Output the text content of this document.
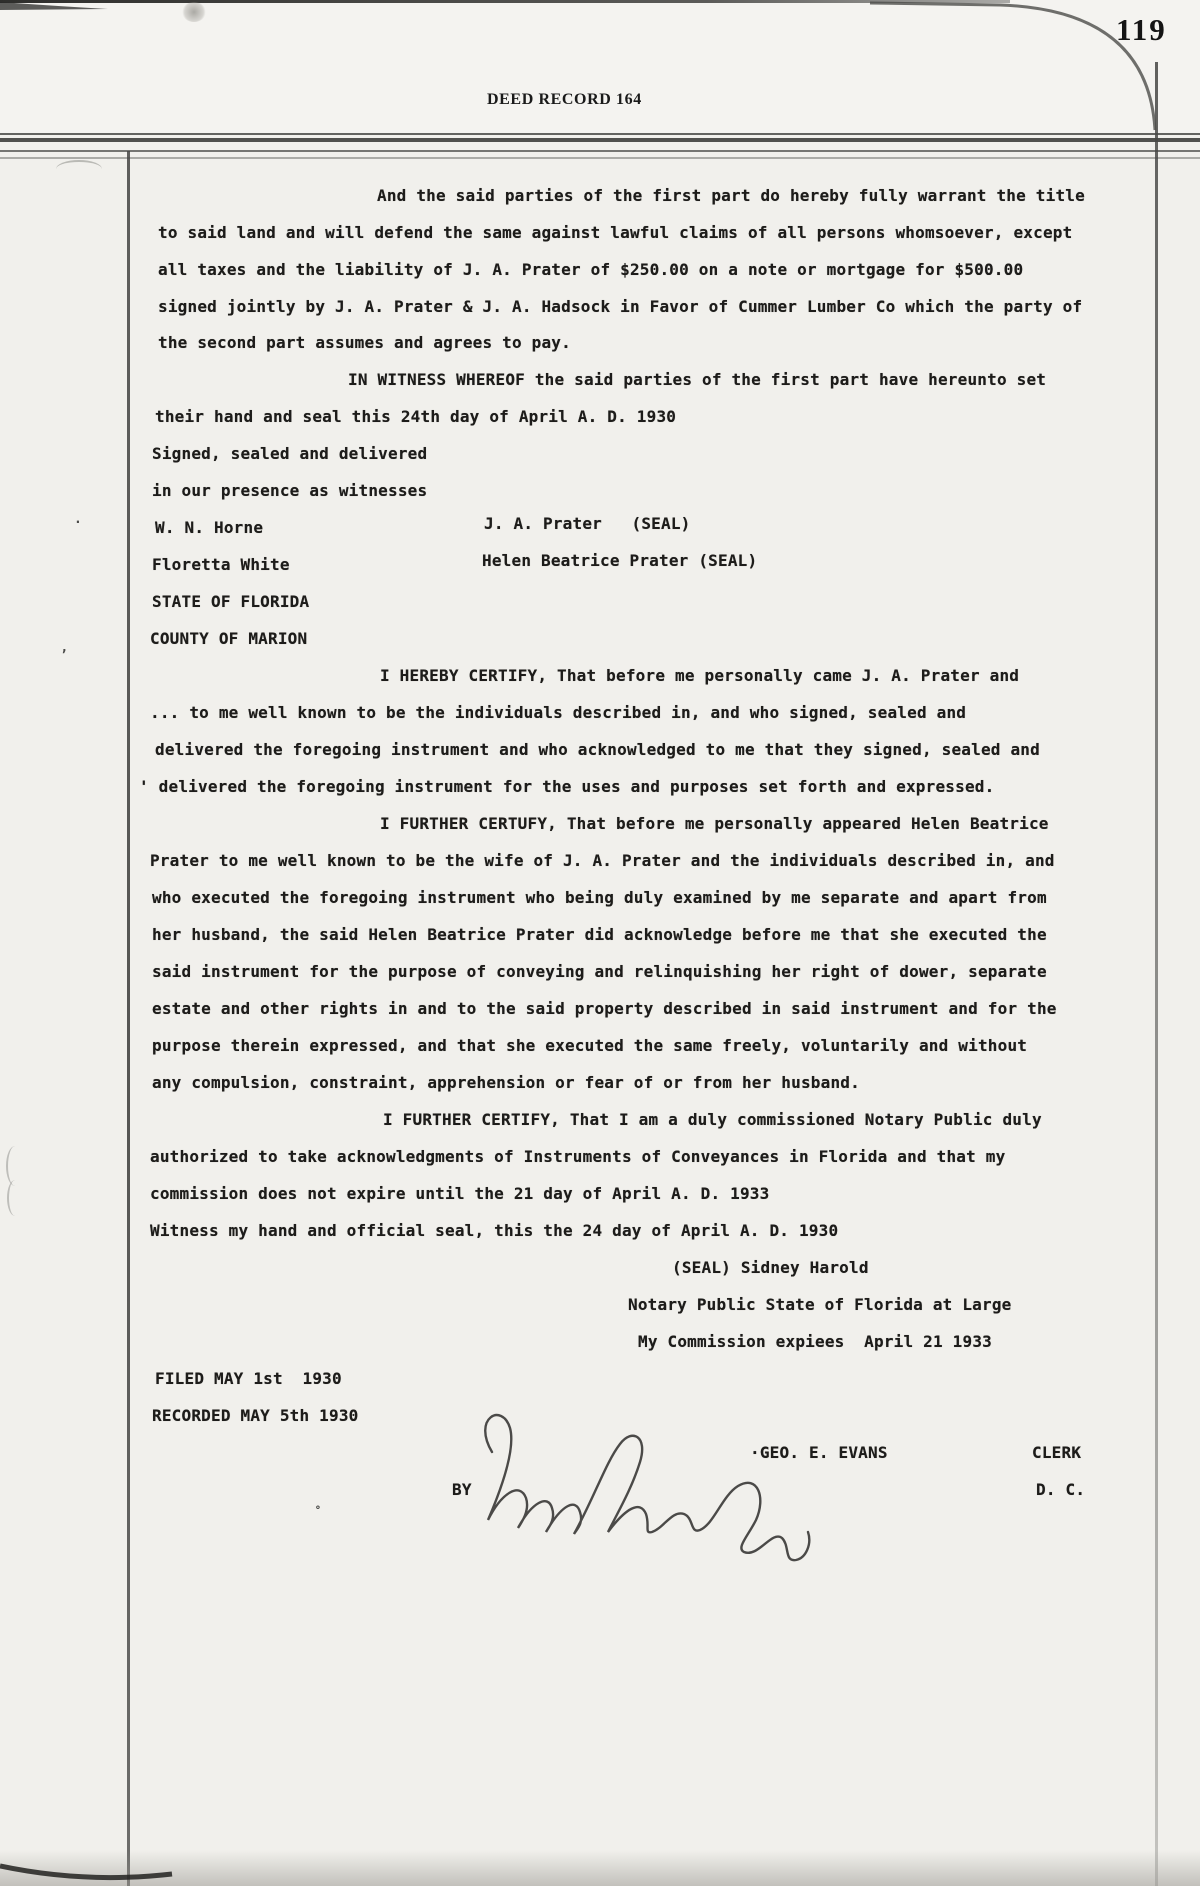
.
’
119
DEED RECORD 164
And the said parties of the first part do hereby fully warrant the title
to said land and will defend the same against lawful claims of all persons whomsoever, except
all taxes and the liability of J. A. Prater of $250.00 on a note or mortgage for $500.00
signed jointly by J. A. Prater & J. A. Hadsock in Favor of Cummer Lumber Co which the party of
the second part assumes and agrees to pay.
IN WITNESS WHEREOF the said parties of the first part have hereunto set
their hand and seal this 24th day of April A. D. 1930
Signed, sealed and delivered
in our presence as witnesses
W. N. Horne	J. A. Prater   (SEAL)
Floretta White	Helen Beatrice Prater (SEAL)
STATE OF FLORIDA
COUNTY OF MARION
I HEREBY CERTIFY, That before me personally came J. A. Prater and
... to me well known to be the individuals described in, and who signed, sealed and
delivered the foregoing instrument and who acknowledged to me that they signed, sealed and
' delivered the foregoing instrument for the uses and purposes set forth and expressed.
I FURTHER CERTUFY, That before me personally appeared Helen Beatrice
Prater to me well known to be the wife of J. A. Prater and the individuals described in, and
who executed the foregoing instrument who being duly examined by me separate and apart from
her husband, the said Helen Beatrice Prater did acknowledge before me that she executed the
said instrument for the purpose of conveying and relinquishing her right of dower, separate
estate and other rights in and to the said property described in said instrument and for the
purpose therein expressed, and that she executed the same freely, voluntarily and without
any compulsion, constraint, apprehension or fear of or from her husband.
I FURTHER CERTIFY, That I am a duly commissioned Notary Public duly
authorized to take acknowledgments of Instruments of Conveyances in Florida and that my
commission does not expire until the 21 day of April A. D. 1933
Witness my hand and official seal, this the 24 day of April A. D. 1930
(SEAL) Sidney Harold
Notary Public State of Florida at Large
My Commission expiees  April 21 1933
FILED MAY 1st  1930
RECORDED MAY 5th 1930
·GEO. E. EVANS	CLERK
BY	D. C.
